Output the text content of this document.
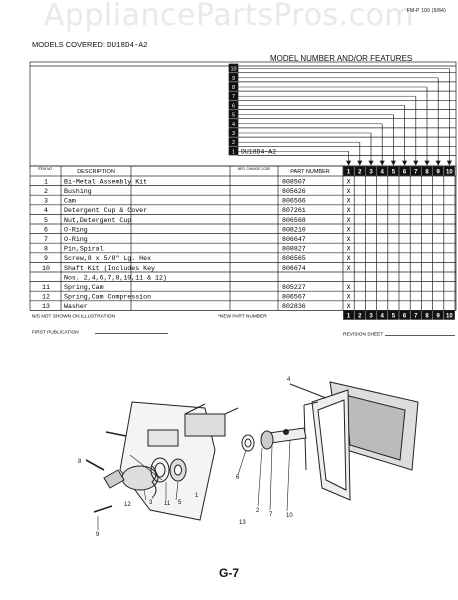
AppliancePartsPros.com
FM-P 100 (9/84)
MODELS COVERED: DU18D4-A2
MODEL NUMBER AND/OR FEATURES
10
9
8
7
6
5
4
3
2
1 DU18D4-A2
ITEM NO	DESCRIPTION	MFG. CHANGE CODE	PART NUMBER	1 2 3 4 5 6 7 8 9 10
1 Bi-Metal Assembly Kit	808507	X
2 Bushing	805626	X
3 Cam	806566	X
4 Detergent Cup & Cover	807261	X
5 Nut,Detergent Cup	806568	X
6 O-Ring	808210	X
7 O-Ring	806647	X
8 Pin,Spiral	808827	X
9 Screw,8 x 5/8" Lg. Hex	806565	X
10 Shaft Kit (Includes Key	806674	X
Nos. 2,4,6,7,8,10,11 & 12)
11 Spring,Cam	805227	X
12 Spring,Cam Compression	806567	X
13 Washer	802836	X
N/S NOT SHOWN ON ILLUSTRATION	*NEW PART NUMBER	1 2 3 4 5 6 7 8 9 10
FIRST PUBLICATION	REVISION SHEET
1
2
3
4
5
6
7
8
9
10
11
12
13
G-7
